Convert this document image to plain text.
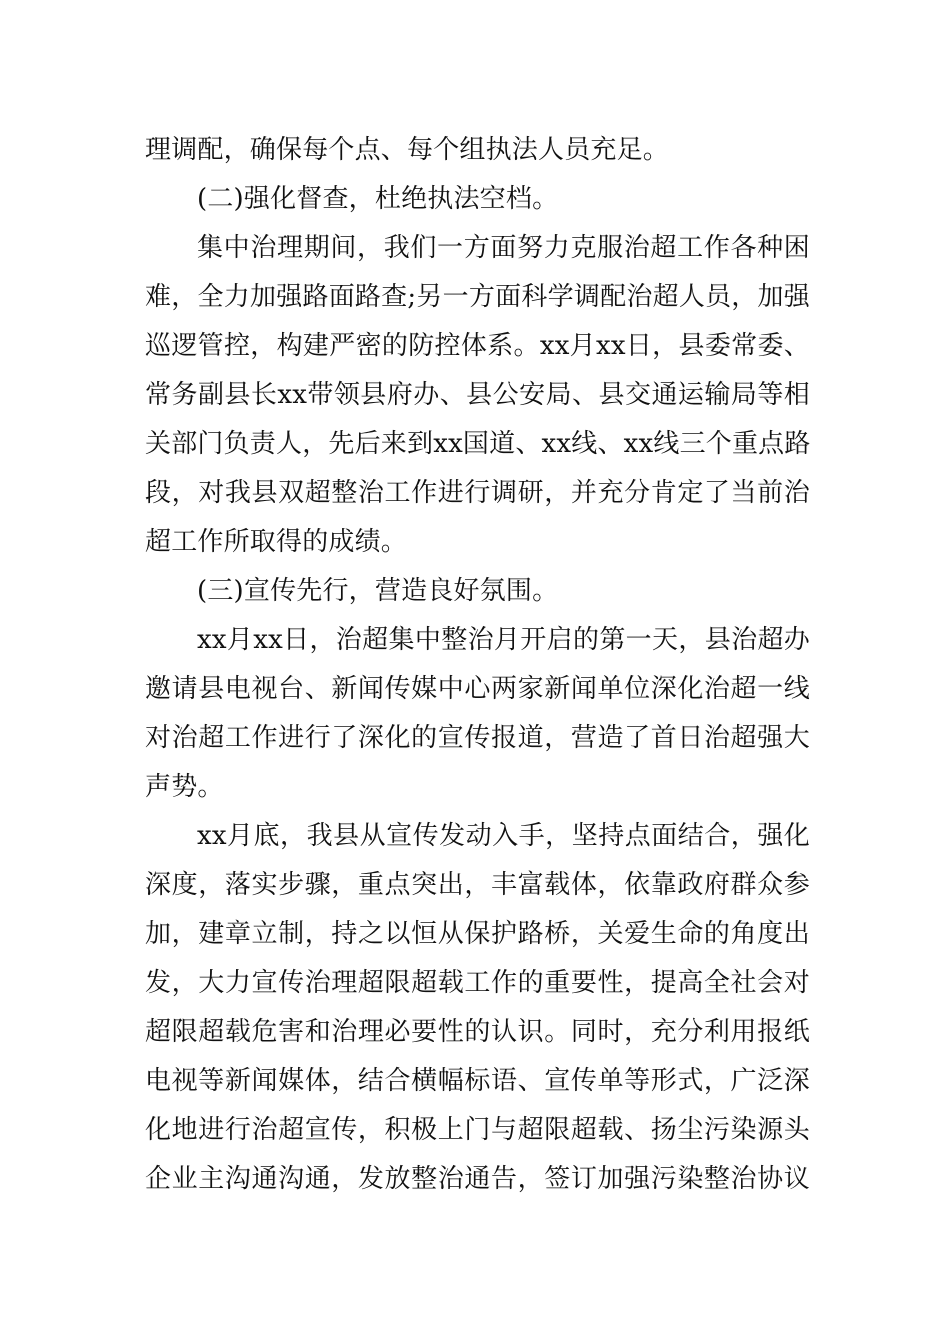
理调配，确保每个点、每个组执法人员充足。
(二)强化督查，杜绝执法空档。
集中治理期间，我们一方面努力克服治超工作各种困
难，全力加强路面路查;另一方面科学调配治超人员，加强
巡逻管控，构建严密的防控体系。xx月xx日，县委常委、
常务副县长xx带领县府办、县公安局、县交通运输局等相
关部门负责人，先后来到xx国道、xx线、xx线三个重点路
段，对我县双超整治工作进行调研，并充分肯定了当前治
超工作所取得的成绩。
(三)宣传先行，营造良好氛围。
xx月xx日，治超集中整治月开启的第一天，县治超办
邀请县电视台、新闻传媒中心两家新闻单位深化治超一线
对治超工作进行了深化的宣传报道，营造了首日治超强大
声势。
xx月底，我县从宣传发动入手，坚持点面结合，强化
深度，落实步骤，重点突出，丰富载体，依靠政府群众参
加，建章立制，持之以恒从保护路桥，关爱生命的角度出
发，大力宣传治理超限超载工作的重要性，提高全社会对
超限超载危害和治理必要性的认识。同时，充分利用报纸
电视等新闻媒体，结合横幅标语、宣传单等形式，广泛深
化地进行治超宣传，积极上门与超限超载、扬尘污染源头
企业主沟通沟通，发放整治通告，签订加强污染整治协议
